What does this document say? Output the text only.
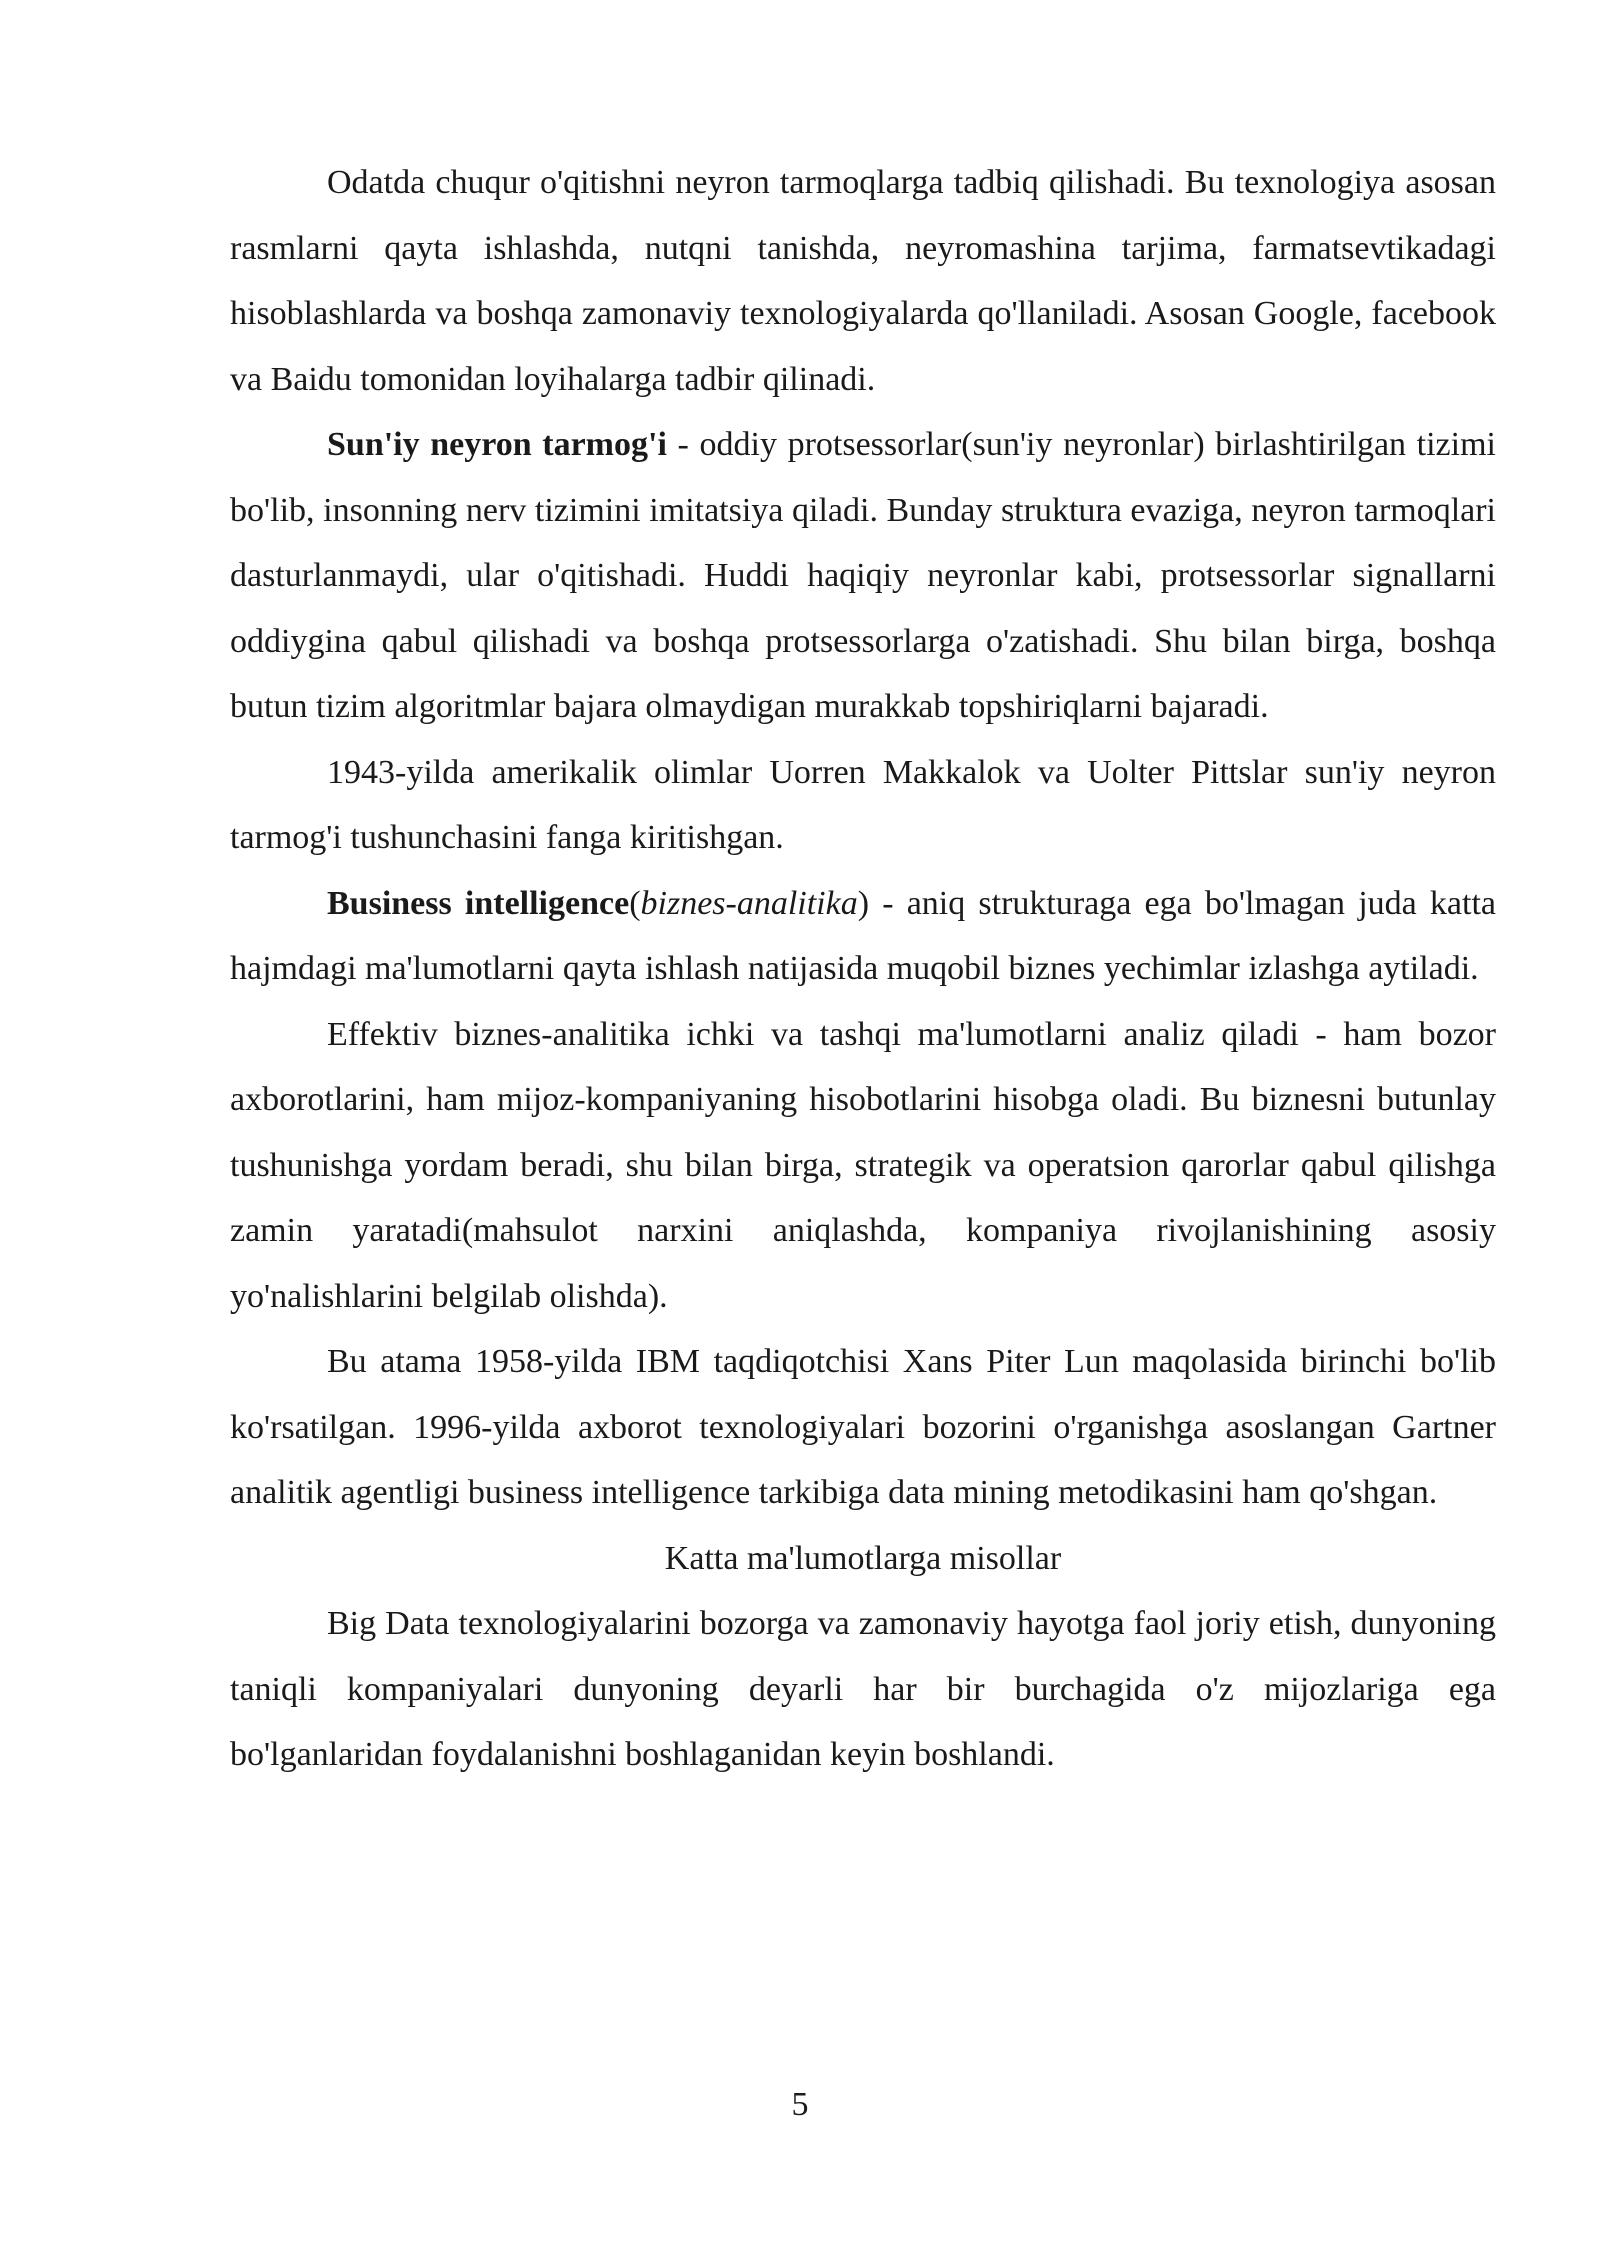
Odatda chuqur o'qitishni neyron tarmoqlarga tadbiq qilishadi. Bu texnologiya asosan rasmlarni qayta ishlashda, nutqni tanishda, neyromashina tarjima, farmatsevtikadagi hisoblashlarda va boshqa zamonaviy texnologiyalarda qo'llaniladi. Asosan Google, facebook va Baidu tomonidan loyihalarga tadbir qilinadi.

Sun'iy neyron tarmog'i - oddiy protsessorlar(sun'iy neyronlar) birlashtirilgan tizimi bo'lib, insonning nerv tizimini imitatsiya qiladi. Bunday struktura evaziga, neyron tarmoqlari dasturlanmaydi, ular o'qitishadi. Huddi haqiqiy neyronlar kabi, protsessorlar signallarni oddiygina qabul qilishadi va boshqa protsessorlarga o'zatishadi. Shu bilan birga, boshqa butun tizim algoritmlar bajara olmaydigan murakkab topshiriqlarni bajaradi.

1943-yilda amerikalik olimlar Uorren Makkalok va Uolter Pittslar sun'iy neyron tarmog'i tushunchasini fanga kiritishgan.

Business intelligence(biznes-analitika) - aniq strukturaga ega bo'lmagan juda katta hajmdagi ma'lumotlarni qayta ishlash natijasida muqobil biznes yechimlar izlashga aytiladi.

Effektiv biznes-analitika ichki va tashqi ma'lumotlarni analiz qiladi - ham bozor axborotlarini, ham mijoz-kompaniyaning hisobotlarini hisobga oladi. Bu biznesni butunlay tushunishga yordam beradi, shu bilan birga, strategik va operatsion qarorlar qabul qilishga zamin yaratadi(mahsulot narxini aniqlashda, kompaniya rivojlanishining asosiy yo'nalishlarini belgilab olishda).

Bu atama 1958-yilda IBM taqdiqotchisi Xans Piter Lun maqolasida birinchi bo'lib ko'rsatilgan. 1996-yilda axborot texnologiyalari bozorini o'rganishga asoslangan Gartner analitik agentligi business intelligence tarkibiga data mining metodikasini ham qo'shgan.

Katta ma'lumotlarga misollar

Big Data texnologiyalarini bozorga va zamonaviy hayotga faol joriy etish, dunyoning taniqli kompaniyalari dunyoning deyarli har bir burchagida o'z mijozlariga ega bo'lganlaridan foydalanishni boshlaganidan keyin boshlandi.

5
